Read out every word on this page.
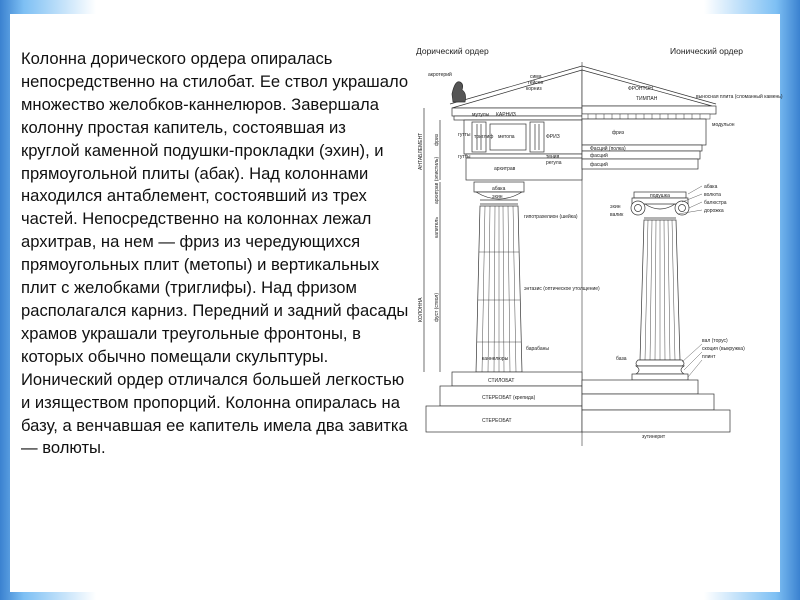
Колонна дорического ордера опиралась непосредственно на стилобат. Ее ствол украшало множество желобков-каннелюров. Завершала колонну простая капитель, состоявшая из круглой каменной подушки-прокладки (эхин), и прямоугольной плиты (абак). Над колоннами находился антаблемент, состоявший из трех частей. Непосредственно на колоннах лежал архитрав, на нем — фриз из чередующихся прямоугольных плит (метопы) и вертикальных плит с желобками (триглифы). Над фризом располагался карниз. Передний и задний фасады храмов украшали треугольные фронтоны, в которых обычно помещали скульптуры. Ионический ордер отличался большей легкостью и изяществом пропорций. Колонна опиралась на базу, а венчавшая ее капитель имела два завитка — волюты.

Дорический ордер	Ионический ордер
акротерий	сима
гейсон
корниз
мутулы КАРНИЗ
гутты триглиф метопа	ФРИЗ
гутты	тения
регула
архитрав
абака
эхин
гипотрахелион (шейка)
энтазис (оптическое утолщение)
барабаны
каннелюры
СТИЛОБАТ
СТЕРЕОБАТ (крепида)
СТЕРЕОБАТ
АНТАБЛЕМЕНТ
КОЛОННА
фриз
архитрав (эпистиль)
капитель
фуст (ствол)
ФРОНТОН
ТИМПАН	выносная плита (сломанный камень)
модульон
фриз
Фасций (полка)
фасций
фасций
абака
подушка	волюта
балюстра
эхин
валик
дорожка
вал (торус)
скоция (выкружка)
плинт
база
зутинерит
